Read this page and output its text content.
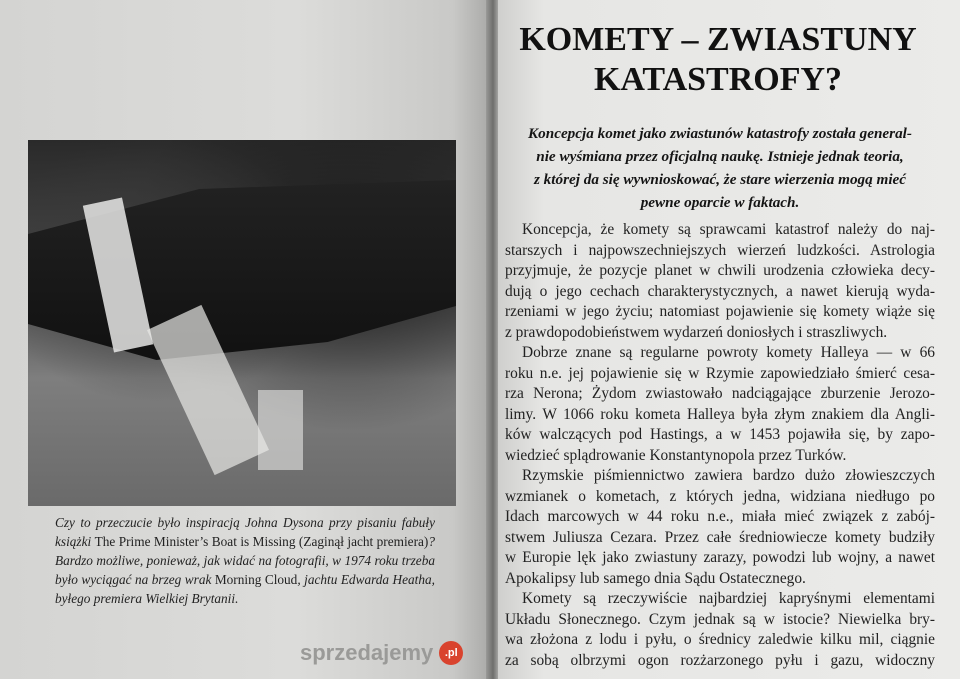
Czy to przeczucie było inspiracją Johna Dysona przy pisaniu fabuły książki The Prime Minister’s Boat is Missing (Zaginął jacht premiera)? Bardzo możliwe, ponieważ, jak widać na fotografii, w 1974 roku trzeba było wyciągać na brzeg wrak Morning Cloud, jachtu Edwarda Heatha, byłego premiera Wielkiej Brytanii.
KOMETY – ZWIASTUNY
KATASTROFY?
Koncepcja komet jako zwiastunów katastrofy została general-
nie wyśmiana przez oficjalną naukę. Istnieje jednak teoria,
z której da się wywnioskować, że stare wierzenia mogą mieć
pewne oparcie w faktach.
Koncepcja, że komety są sprawcami katastrof należy do naj-
starszych i najpowszechniejszych wierzeń ludzkości. Astrologia
przyjmuje, że pozycje planet w chwili urodzenia człowieka decy-
dują o jego cechach charakterystycznych, a nawet kierują wyda-
rzeniami w jego życiu; natomiast pojawienie się komety wiąże się
z prawdopodobieństwem wydarzeń doniosłych i straszliwych.
Dobrze znane są regularne powroty komety Halleya — w 66
roku n.e. jej pojawienie się w Rzymie zapowiedziało śmierć cesa-
rza Nerona; Żydom zwiastowało nadciągające zburzenie Jerozo-
limy. W 1066 roku kometa Halleya była złym znakiem dla Angli-
ków walczących pod Hastings, a w 1453 pojawiła się, by zapo-
wiedzieć splądrowanie Konstantynopola przez Turków.
Rzymskie piśmiennictwo zawiera bardzo dużo złowieszczych
wzmianek o kometach, z których jedna, widziana niedługo po
Idach marcowych w 44 roku n.e., miała mieć związek z zabój-
stwem Juliusza Cezara. Przez całe średniowiecze komety budziły
w Europie lęk jako zwiastuny zarazy, powodzi lub wojny, a nawet
Apokalipsy lub samego dnia Sądu Ostatecznego.
Komety są rzeczywiście najbardziej kapryśnymi elementami
Układu Słonecznego. Czym jednak są w istocie? Niewielka bry-
wa złożona z lodu i pyłu, o średnicy zaledwie kilku mil, ciągnie
za sobą olbrzymi ogon rozżarzonego pyłu i gazu, widoczny
sprzedajemy	.pl
